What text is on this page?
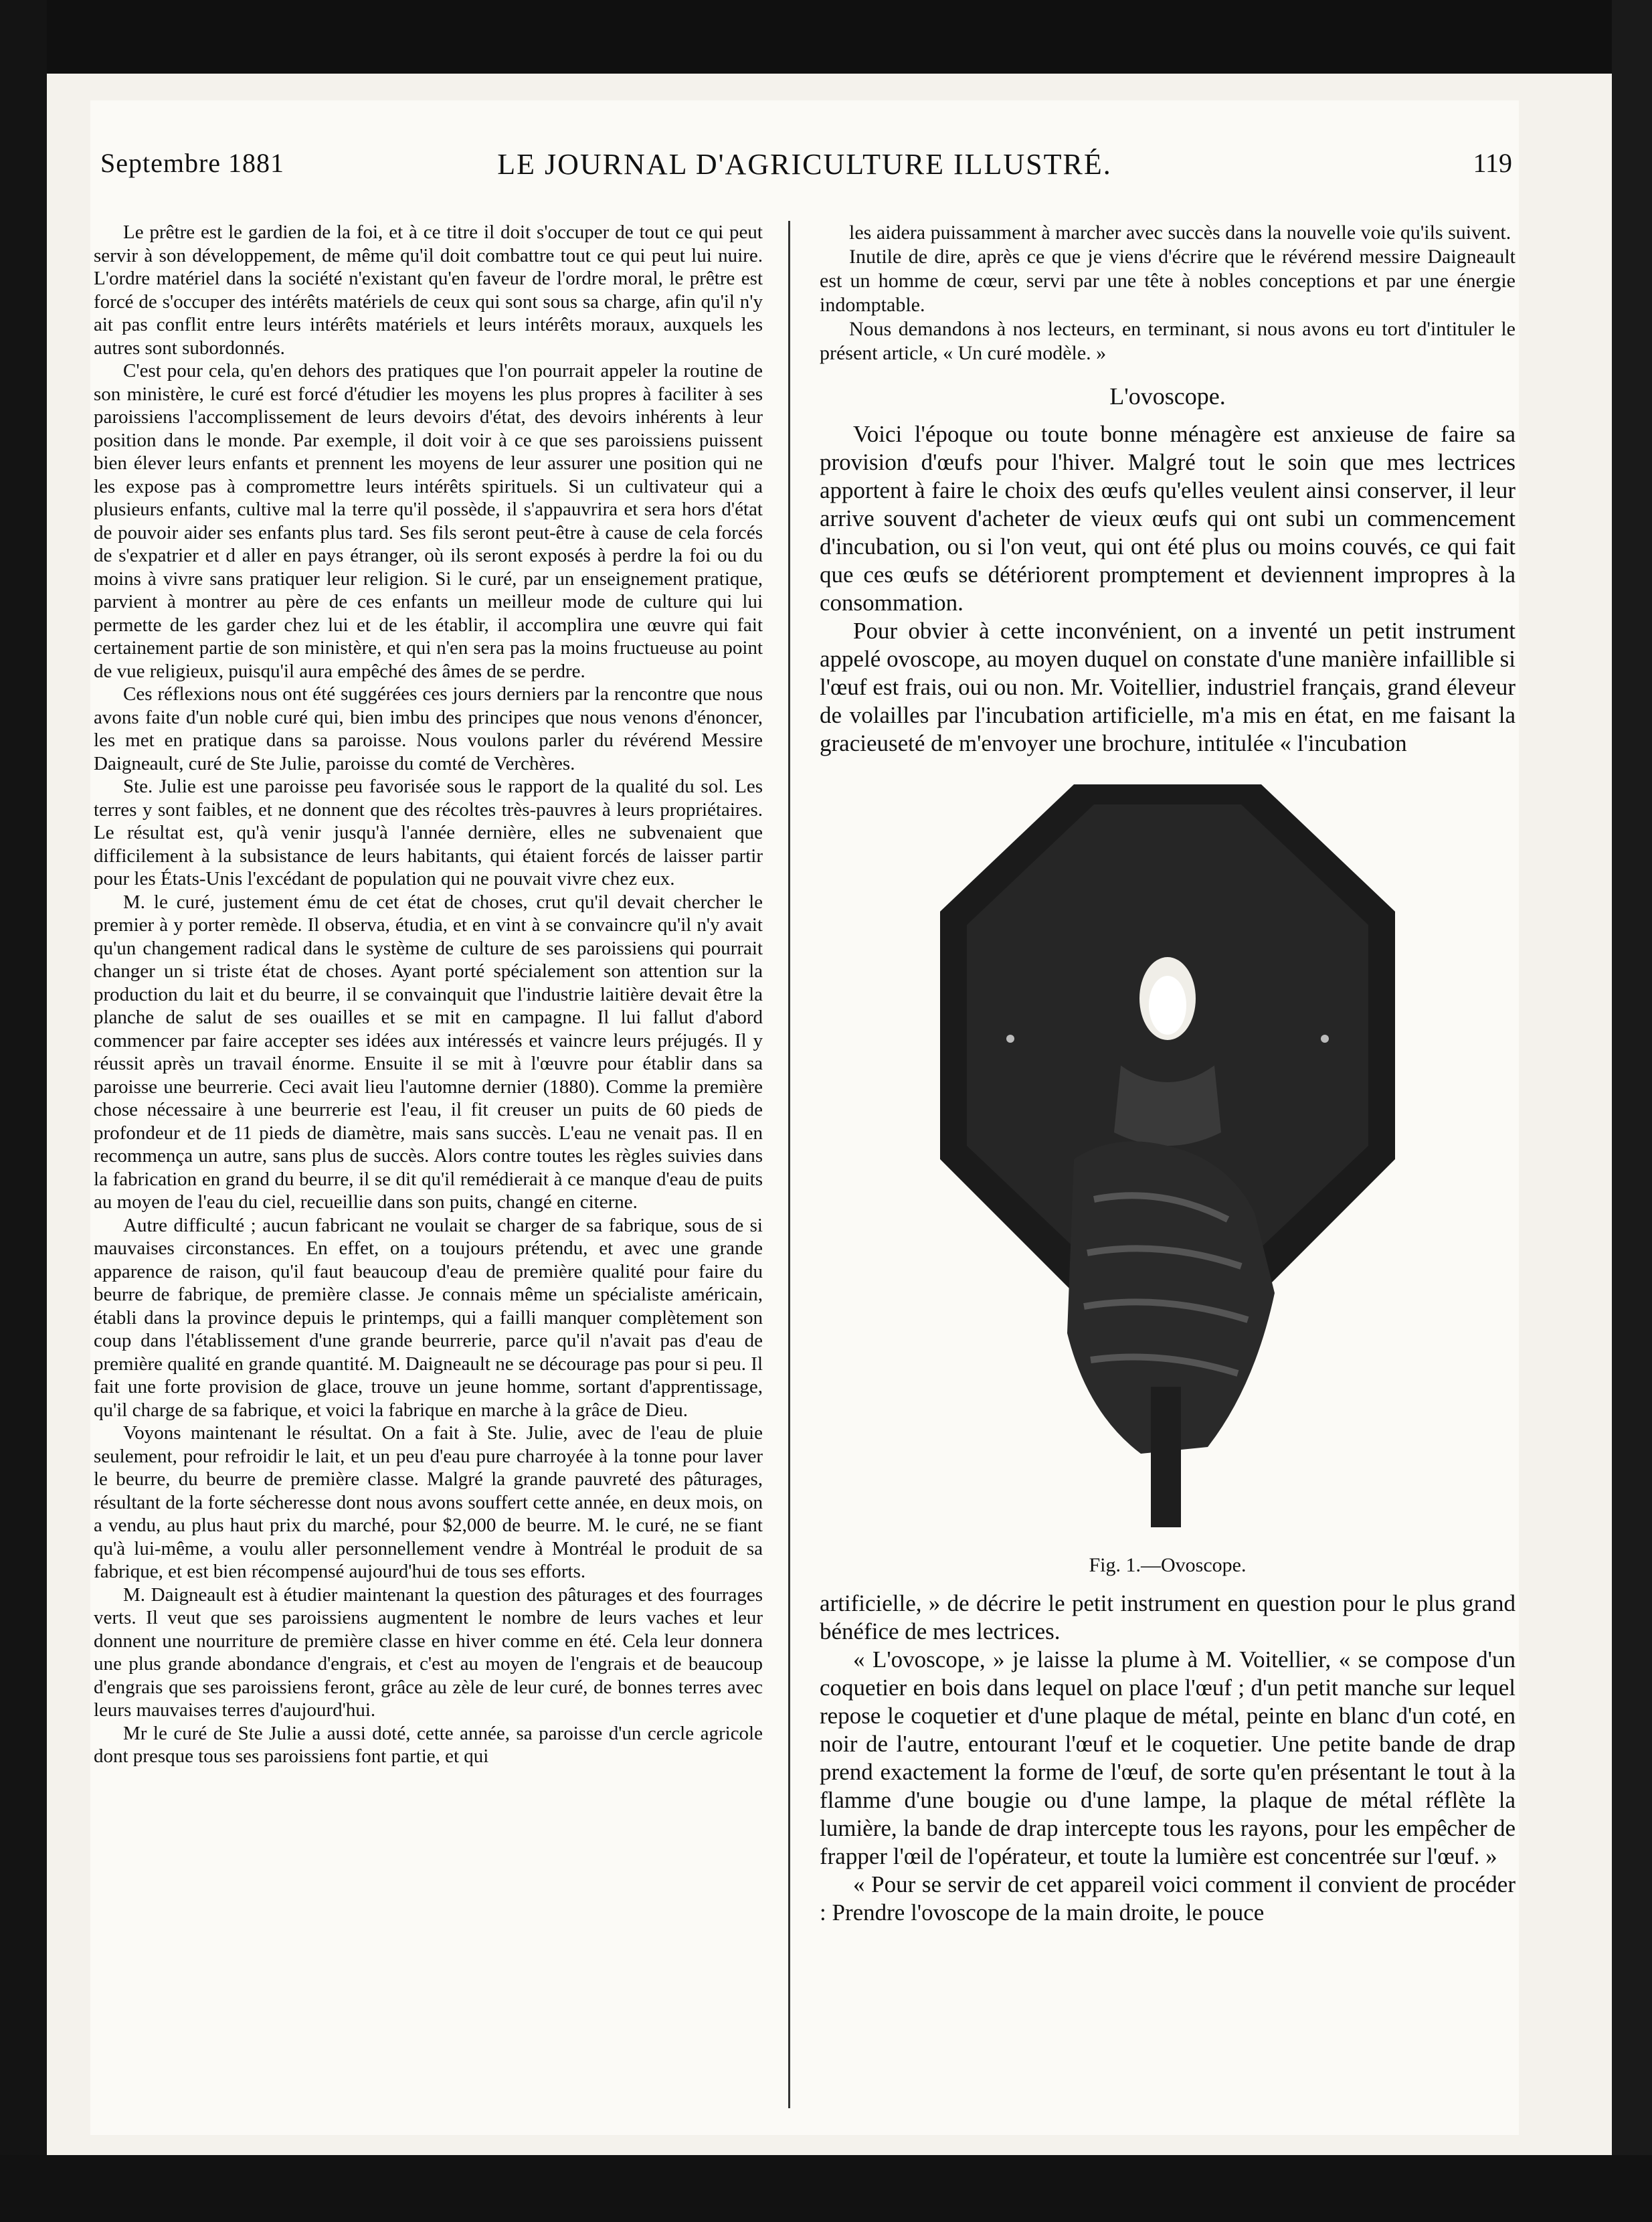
Septembre 1881	LE JOURNAL D'AGRICULTURE ILLUSTRÉ.	119

Le prêtre est le gardien de la foi, et à ce titre il doit s'occuper de tout ce qui peut servir à son développement, de même qu'il doit combattre tout ce qui peut lui nuire. L'ordre matériel dans la société n'existant qu'en faveur de l'ordre moral, le prêtre est forcé de s'occuper des intérêts matériels de ceux qui sont sous sa charge, afin qu'il n'y ait pas conflit entre leurs intérêts matériels et leurs intérêts moraux, auxquels les autres sont subordonnés.

C'est pour cela, qu'en dehors des pratiques que l'on pourrait appeler la routine de son ministère, le curé est forcé d'étudier les moyens les plus propres à faciliter à ses paroissiens l'accomplissement de leurs devoirs d'état, des devoirs inhérents à leur position dans le monde. Par exemple, il doit voir à ce que ses paroissiens puissent bien élever leurs enfants et prennent les moyens de leur assurer une position qui ne les expose pas à compromettre leurs intérêts spirituels. Si un cultivateur qui a plusieurs enfants, cultive mal la terre qu'il possède, il s'appauvrira et sera hors d'état de pouvoir aider ses enfants plus tard. Ses fils seront peut-être à cause de cela forcés de s'expatrier et d aller en pays étranger, où ils seront exposés à perdre la foi ou du moins à vivre sans pratiquer leur religion. Si le curé, par un enseignement pratique, parvient à montrer au père de ces enfants un meilleur mode de culture qui lui permette de les garder chez lui et de les établir, il accomplira une œuvre qui fait certainement partie de son ministère, et qui n'en sera pas la moins fructueuse au point de vue religieux, puisqu'il aura empêché des âmes de se perdre.

Ces réflexions nous ont été suggérées ces jours derniers par la rencontre que nous avons faite d'un noble curé qui, bien imbu des principes que nous venons d'énoncer, les met en pratique dans sa paroisse. Nous voulons parler du révérend Messire Daigneault, curé de Ste Julie, paroisse du comté de Verchères.

Ste. Julie est une paroisse peu favorisée sous le rapport de la qualité du sol. Les terres y sont faibles, et ne donnent que des récoltes très-pauvres à leurs propriétaires. Le résultat est, qu'à venir jusqu'à l'année dernière, elles ne subvenaient que difficilement à la subsistance de leurs habitants, qui étaient forcés de laisser partir pour les États-Unis l'excédant de population qui ne pouvait vivre chez eux.

M. le curé, justement ému de cet état de choses, crut qu'il devait chercher le premier à y porter remède. Il observa, étudia, et en vint à se convaincre qu'il n'y avait qu'un changement radical dans le système de culture de ses paroissiens qui pourrait changer un si triste état de choses. Ayant porté spécialement son attention sur la production du lait et du beurre, il se convainquit que l'industrie laitière devait être la planche de salut de ses ouailles et se mit en campagne. Il lui fallut d'abord commencer par faire accepter ses idées aux intéressés et vaincre leurs préjugés. Il y réussit après un travail énorme. Ensuite il se mit à l'œuvre pour établir dans sa paroisse une beurrerie. Ceci avait lieu l'automne dernier (1880). Comme la première chose nécessaire à une beurrerie est l'eau, il fit creuser un puits de 60 pieds de profondeur et de 11 pieds de diamètre, mais sans succès. L'eau ne venait pas. Il en recommença un autre, sans plus de succès. Alors contre toutes les règles suivies dans la fabrication en grand du beurre, il se dit qu'il remédierait à ce manque d'eau de puits au moyen de l'eau du ciel, recueillie dans son puits, changé en citerne.

Autre difficulté ; aucun fabricant ne voulait se charger de sa fabrique, sous de si mauvaises circonstances. En effet, on a toujours prétendu, et avec une grande apparence de raison, qu'il faut beaucoup d'eau de première qualité pour faire du beurre de fabrique, de première classe. Je connais même un spécialiste américain, établi dans la province depuis le printemps, qui a failli manquer complètement son coup dans l'établissement d'une grande beurrerie, parce qu'il n'avait pas d'eau de première qualité en grande quantité. M. Daigneault ne se décourage pas pour si peu. Il fait une forte provision de glace, trouve un jeune homme, sortant d'apprentissage, qu'il charge de sa fabrique, et voici la fabrique en marche à la grâce de Dieu.

Voyons maintenant le résultat. On a fait à Ste. Julie, avec de l'eau de pluie seulement, pour refroidir le lait, et un peu d'eau pure charroyée à la tonne pour laver le beurre, du beurre de première classe. Malgré la grande pauvreté des pâturages, résultant de la forte sécheresse dont nous avons souffert cette année, en deux mois, on a vendu, au plus haut prix du marché, pour $2,000 de beurre. M. le curé, ne se fiant qu'à lui-même, a voulu aller personnellement vendre à Montréal le produit de sa fabrique, et est bien récompensé aujourd'hui de tous ses efforts.

M. Daigneault est à étudier maintenant la question des pâturages et des fourrages verts. Il veut que ses paroissiens augmentent le nombre de leurs vaches et leur donnent une nourriture de première classe en hiver comme en été. Cela leur donnera une plus grande abondance d'engrais, et c'est au moyen de l'engrais et de beaucoup d'engrais que ses paroissiens feront, grâce au zèle de leur curé, de bonnes terres avec leurs mauvaises terres d'aujourd'hui.

Mr le curé de Ste Julie a aussi doté, cette année, sa paroisse d'un cercle agricole dont presque tous ses paroissiens font partie, et qui

les aidera puissamment à marcher avec succès dans la nouvelle voie qu'ils suivent.

Inutile de dire, après ce que je viens d'écrire que le révérend messire Daigneault est un homme de cœur, servi par une tête à nobles conceptions et par une énergie indomptable.

Nous demandons à nos lecteurs, en terminant, si nous avons eu tort d'intituler le présent article, « Un curé modèle. »

L'ovoscope.

Voici l'époque ou toute bonne ménagère est anxieuse de faire sa provision d'œufs pour l'hiver. Malgré tout le soin que mes lectrices apportent à faire le choix des œufs qu'elles veulent ainsi conserver, il leur arrive souvent d'acheter de vieux œufs qui ont subi un commencement d'incubation, ou si l'on veut, qui ont été plus ou moins couvés, ce qui fait que ces œufs se détériorent promptement et deviennent impropres à la consommation.

Pour obvier à cette inconvénient, on a inventé un petit instrument appelé ovoscope, au moyen duquel on constate d'une manière infaillible si l'œuf est frais, oui ou non. Mr. Voitellier, industriel français, grand éleveur de volailles par l'incubation artificielle, m'a mis en état, en me faisant la gracieuseté de m'envoyer une brochure, intitulée « l'incubation

Fig. 1.—Ovoscope.

artificielle, » de décrire le petit instrument en question pour le plus grand bénéfice de mes lectrices.

« L'ovoscope, » je laisse la plume à M. Voitellier, « se compose d'un coquetier en bois dans lequel on place l'œuf ; d'un petit manche sur lequel repose le coquetier et d'une plaque de métal, peinte en blanc d'un coté, en noir de l'autre, entourant l'œuf et le coquetier. Une petite bande de drap prend exactement la forme de l'œuf, de sorte qu'en présentant le tout à la flamme d'une bougie ou d'une lampe, la plaque de métal réflète la lumière, la bande de drap intercepte tous les rayons, pour les empêcher de frapper l'œil de l'opérateur, et toute la lumière est concentrée sur l'œuf. »

« Pour se servir de cet appareil voici comment il convient de procéder : Prendre l'ovoscope de la main droite, le pouce
